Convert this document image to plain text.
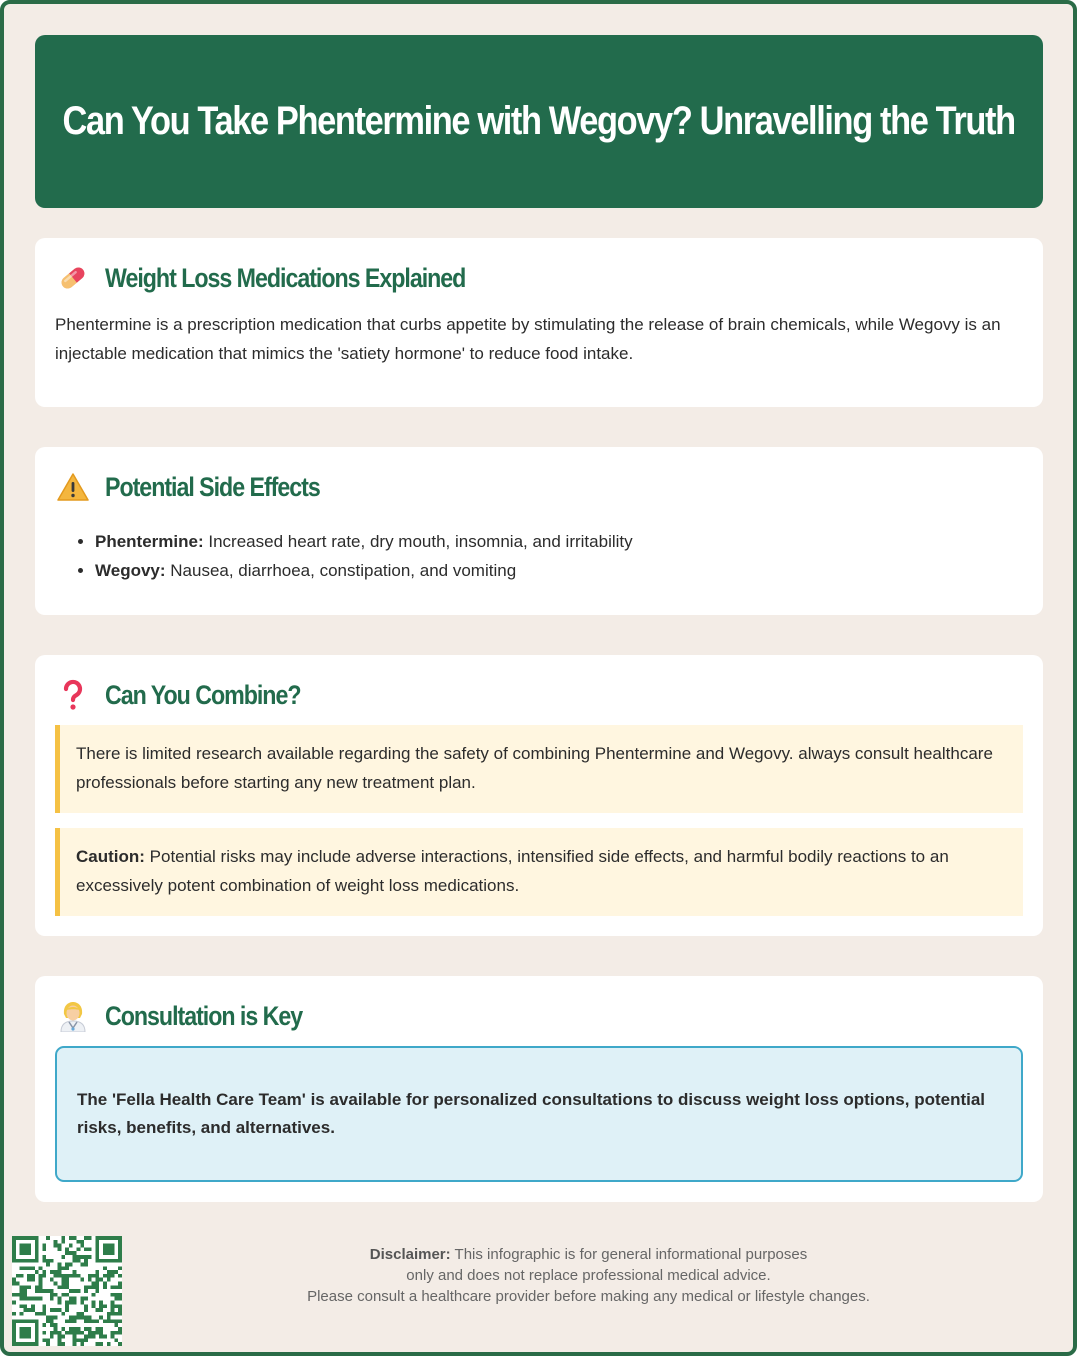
Can You Take Phentermine with Wegovy? Unravelling the Truth
Weight Loss Medications Explained

Phentermine is a prescription medication that curbs appetite by stimulating the release of brain chemicals, while Wegovy is an injectable medication that mimics the 'satiety hormone' to reduce food intake.

Potential Side Effects
• Phentermine: Increased heart rate, dry mouth, insomnia, and irritability
• Wegovy: Nausea, diarrhoea, constipation, and vomiting
Can You Combine?
There is limited research available regarding the safety of combining Phentermine and Wegovy. always consult healthcare professionals before starting any new treatment plan.
Caution: Potential risks may include adverse interactions, intensified side effects, and harmful bodily reactions to an excessively potent combination of weight loss medications.
Consultation is Key

The 'Fella Health Care Team' is available for personalized consultations to discuss weight loss options, potential risks, benefits, and alternatives.

Disclaimer: This infographic is for general informational purposes
only and does not replace professional medical advice.
Please consult a healthcare provider before making any medical or lifestyle changes.
